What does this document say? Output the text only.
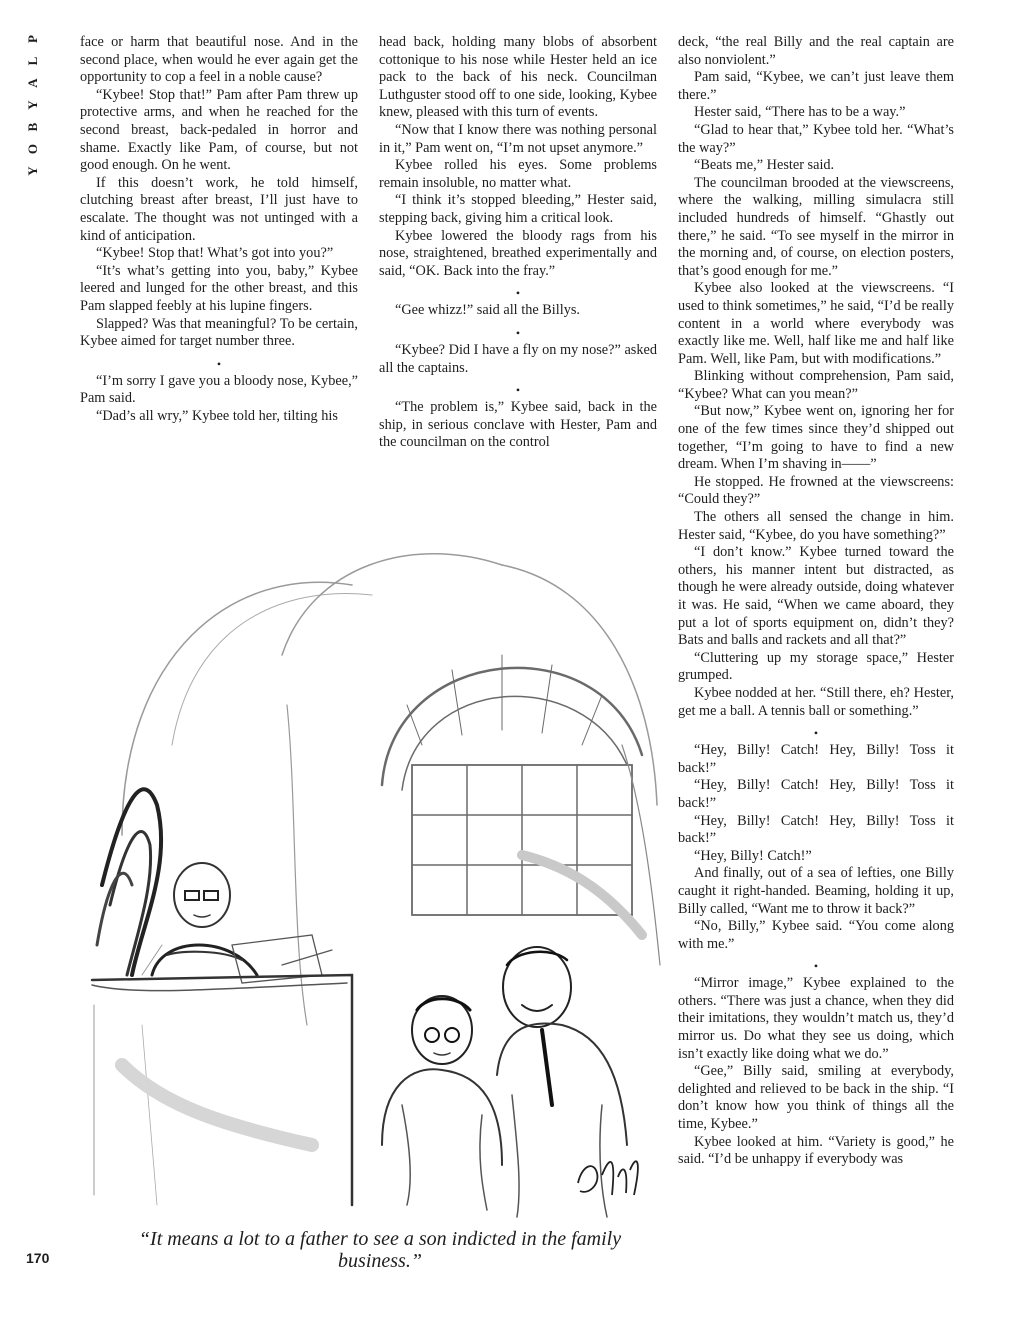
P
L
A
Y
B
O
Y

face or harm that beautiful nose. And in the second place, when would he ever again get the opportunity to cop a feel in a noble cause?

“Kybee! Stop that!” Pam after Pam threw up protective arms, and when he reached for the second breast, back-pedaled in horror and shame. Exactly like Pam, of course, but not good enough. On he went.

If this doesn’t work, he told himself, clutching breast after breast, I’ll just have to escalate. The thought was not untinged with a kind of anticipation.

“Kybee! Stop that! What’s got into you?”

“It’s what’s getting into you, baby,” Kybee leered and lunged for the other breast, and this Pam slapped feebly at his lupine fingers.

Slapped? Was that meaningful? To be certain, Kybee aimed for target number three.

•

“I’m sorry I gave you a bloody nose, Kybee,” Pam said.

“Dad’s all wry,” Kybee told her, tilting his

head back, holding many blobs of absorbent cottonique to his nose while Hester held an ice pack to the back of his neck. Councilman Luthguster stood off to one side, looking, Kybee knew, pleased with this turn of events.

“Now that I know there was nothing personal in it,” Pam went on, “I’m not upset anymore.”

Kybee rolled his eyes. Some problems remain insoluble, no matter what.

“I think it’s stopped bleeding,” Hester said, stepping back, giving him a critical look.

Kybee lowered the bloody rags from his nose, straightened, breathed experimentally and said, “OK. Back into the fray.”

•

“Gee whizz!” said all the Billys.

•

“Kybee? Did I have a fly on my nose?” asked all the captains.

•

“The problem is,” Kybee said, back in the ship, in serious conclave with Hester, Pam and the councilman on the control

deck, “the real Billy and the real captain are also nonviolent.”

Pam said, “Kybee, we can’t just leave them there.”

Hester said, “There has to be a way.”

“Glad to hear that,” Kybee told her. “What’s the way?”

“Beats me,” Hester said.

The councilman brooded at the viewscreens, where the walking, milling simulacra still included hundreds of himself. “Ghastly out there,” he said. “To see myself in the mirror in the morning and, of course, on election posters, that’s good enough for me.”

Kybee also looked at the viewscreens. “I used to think sometimes,” he said, “I’d be really content in a world where everybody was exactly like me. Well, half like me and half like Pam. Well, like Pam, but with modifications.”

Blinking without comprehension, Pam said, “Kybee? What can you mean?”

“But now,” Kybee went on, ignoring her for one of the few times since they’d shipped out together, “I’m going to have to find a new dream. When I’m shaving in——”

He stopped. He frowned at the viewscreens: “Could they?”

The others all sensed the change in him. Hester said, “Kybee, do you have something?”

“I don’t know.” Kybee turned toward the others, his manner intent but distracted, as though he were already outside, doing whatever it was. He said, “When we came aboard, they put a lot of sports equipment on, didn’t they? Bats and balls and rackets and all that?”

“Cluttering up my storage space,” Hester grumped.

Kybee nodded at her. “Still there, eh? Hester, get me a ball. A tennis ball or something.”

•

“Hey, Billy! Catch! Hey, Billy! Toss it back!”

“Hey, Billy! Catch! Hey, Billy! Toss it back!”

“Hey, Billy! Catch! Hey, Billy! Toss it back!”

“Hey, Billy! Catch!”

And finally, out of a sea of lefties, one Billy caught it right-handed. Beaming, holding it up, Billy called, “Want me to throw it back?”

“No, Billy,” Kybee said. “You come along with me.”

•

“Mirror image,” Kybee explained to the others. “There was just a chance, when they did their imitations, they wouldn’t match us, they’d mirror us. Do what they see us doing, which isn’t exactly like doing what we do.”

“Gee,” Billy said, smiling at everybody, delighted and relieved to be back in the ship. “I don’t know how you think of things all the time, Kybee.”

Kybee looked at him. “Variety is good,” he said. “I’d be unhappy if everybody was

“It means a lot to a father to see a son indicted in the family business.”
170
